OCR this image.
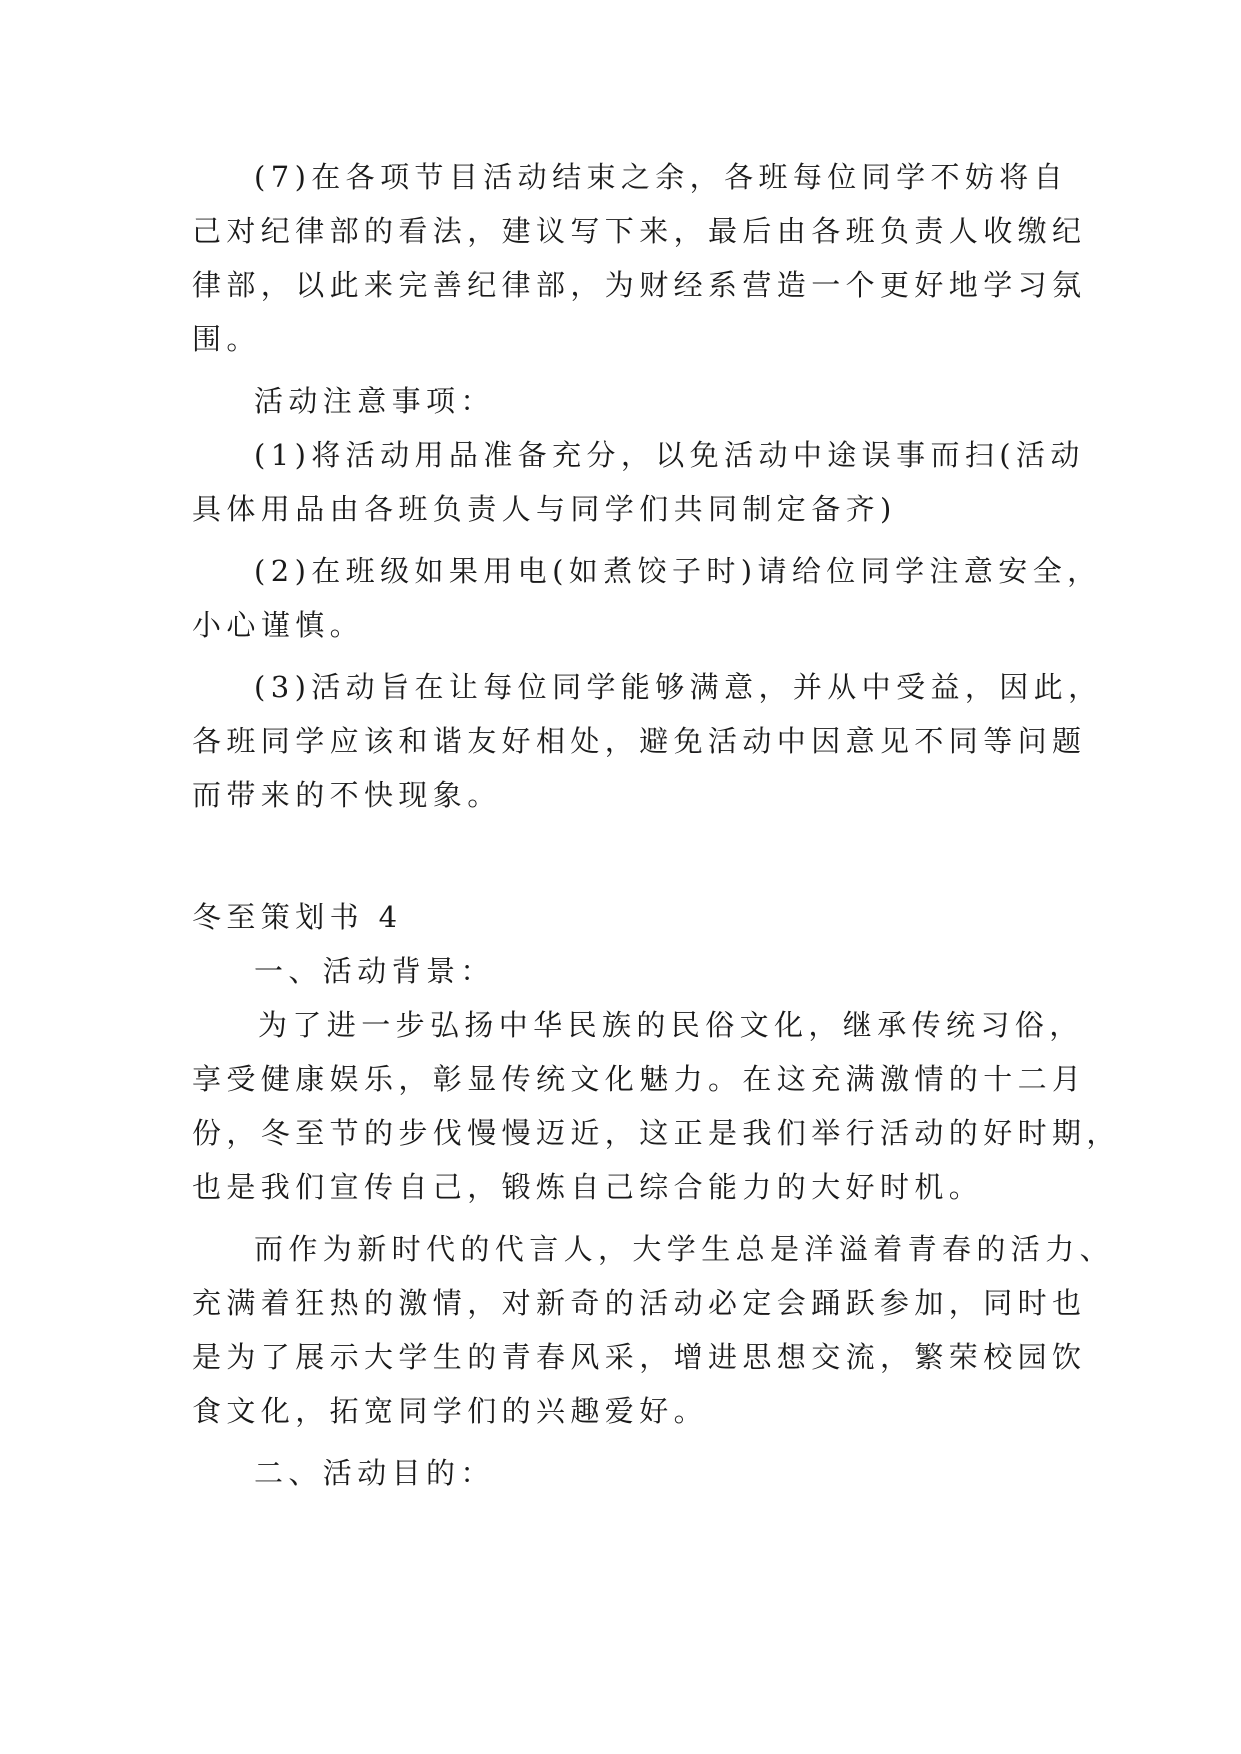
(7)在各项节目活动结束之余，各班每位同学不妨将自
己对纪律部的看法，建议写下来，最后由各班负责人收缴纪
律部，以此来完善纪律部，为财经系营造一个更好地学习氛
围。
活动注意事项：
(1)将活动用品准备充分，以免活动中途误事而扫(活动
具体用品由各班负责人与同学们共同制定备齐)
(2)在班级如果用电(如煮饺子时)请给位同学注意安全，
小心谨慎。
(3)活动旨在让每位同学能够满意，并从中受益，因此，
各班同学应该和谐友好相处，避免活动中因意见不同等问题
而带来的不快现象。
冬至策划书 4
一、活动背景：
为了进一步弘扬中华民族的民俗文化，继承传统习俗，
享受健康娱乐，彰显传统文化魅力。在这充满激情的十二月
份，冬至节的步伐慢慢迈近，这正是我们举行活动的好时期，
也是我们宣传自己，锻炼自己综合能力的大好时机。
而作为新时代的代言人，大学生总是洋溢着青春的活力、
充满着狂热的激情，对新奇的活动必定会踊跃参加，同时也
是为了展示大学生的青春风采，增进思想交流，繁荣校园饮
食文化，拓宽同学们的兴趣爱好。
二、活动目的：
